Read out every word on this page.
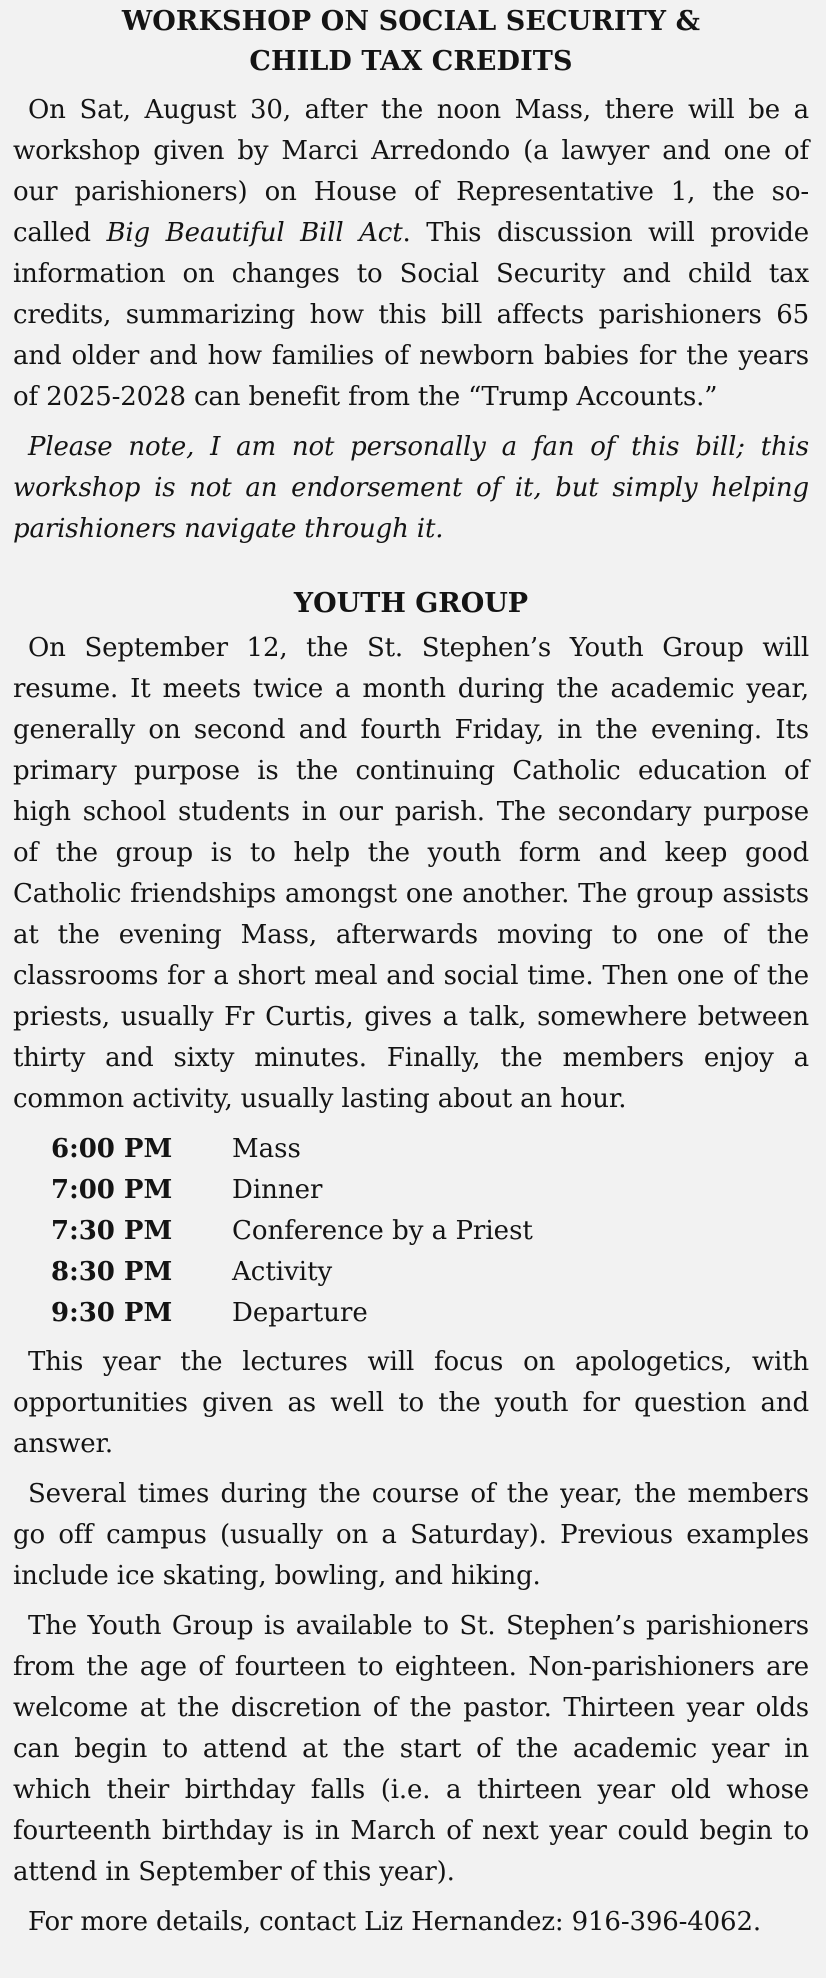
WORKSHOP ON SOCIAL SECURITY &
CHILD TAX CREDITS

On Sat, August 30, after the noon Mass, there will be a workshop given by Marci Arredondo (a lawyer and one of our parishioners) on House of Representative 1, the so-called Big Beautiful Bill Act. This discussion will provide information on changes to Social Security and child tax credits, summarizing how this bill affects parishioners 65 and older and how families of newborn babies for the years of 2025-2028 can benefit from the “Trump Accounts.”

Please note, I am not personally a fan of this bill; this workshop is not an endorsement of it, but simply helping parishioners navigate through it.

YOUTH GROUP

On September 12, the St. Stephen’s Youth Group will resume. It meets twice a month during the academic year, generally on second and fourth Friday, in the evening. Its primary purpose is the continuing Catholic education of high school students in our parish. The secondary purpose of the group is to help the youth form and keep good Catholic friendships amongst one another. The group assists at the evening Mass, afterwards moving to one of the classrooms for a short meal and social time. Then one of the priests, usually Fr Curtis, gives a talk, somewhere between thirty and sixty minutes. Finally, the members enjoy a common activity, usually lasting about an hour.

6:00 PM	Mass
7:00 PM	Dinner
7:30 PM	Conference by a Priest
8:30 PM	Activity
9:30 PM	Departure

This year the lectures will focus on apologetics, with opportunities given as well to the youth for question and answer.

Several times during the course of the year, the members go off campus (usually on a Saturday). Previous examples include ice skating, bowling, and hiking.

The Youth Group is available to St. Stephen’s parishioners from the age of fourteen to eighteen. Non-parishioners are welcome at the discretion of the pastor. Thirteen year olds can begin to attend at the start of the academic year in which their birthday falls (i.e. a thirteen year old whose fourteenth birthday is in March of next year could begin to attend in September of this year).

For more details, contact Liz Hernandez: 916-396-4062.
